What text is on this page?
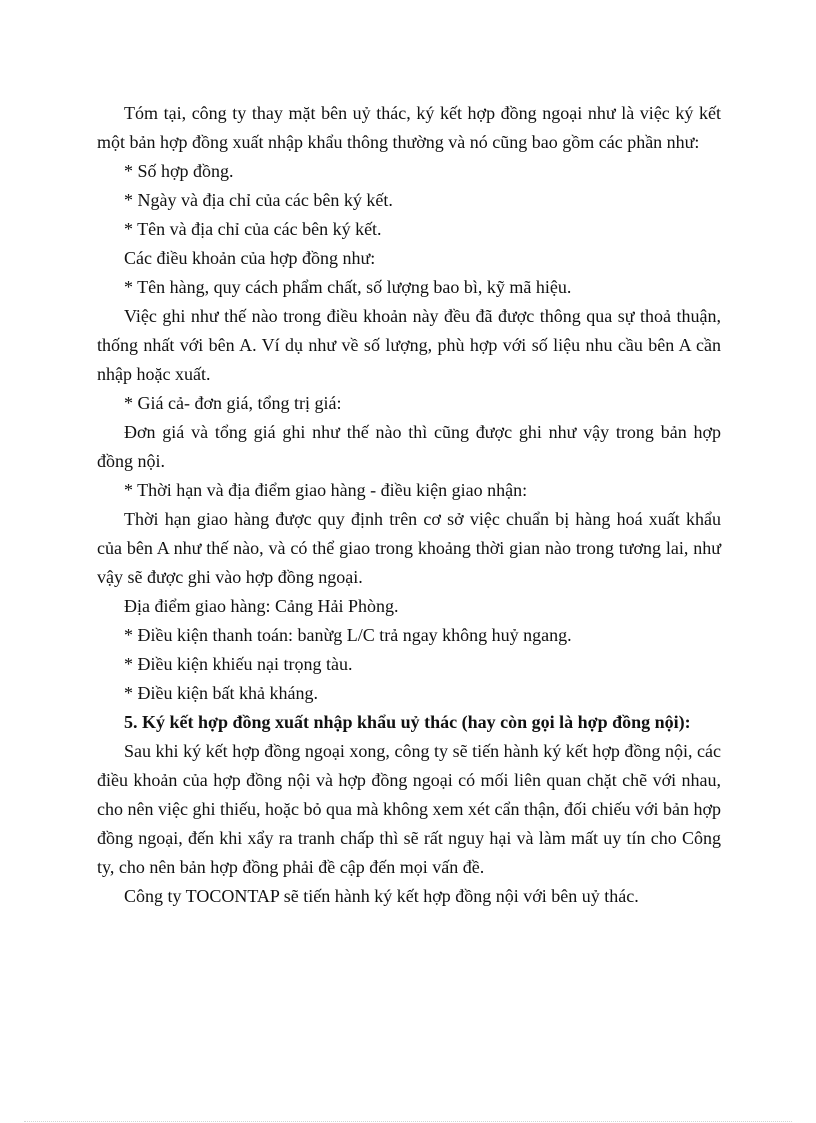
Tóm tại, công ty thay mặt bên uỷ thác, ký kết hợp đồng ngoại như là việc ký kết một bản hợp đồng xuất nhập khẩu thông thường và nó cũng bao gồm các phần như:

* Số hợp đồng.

* Ngày và địa chỉ của các bên ký kết.

* Tên và địa chỉ của các bên ký kết.

Các điều khoản của hợp đồng như:

* Tên hàng, quy cách phẩm chất, số lượng bao bì, kỹ mã hiệu.

Việc ghi như thế nào trong điều khoản này đều đã được thông qua sự thoả thuận, thống nhất với bên A. Ví dụ như về số lượng, phù hợp với số liệu nhu cầu bên A cần nhập hoặc xuất.

* Giá cả- đơn giá, tổng trị giá:

Đơn giá và tổng giá ghi như thế nào thì cũng được ghi như vậy trong bản hợp đồng nội.

* Thời hạn và địa điểm giao hàng - điều kiện giao nhận:

Thời hạn giao hàng được quy định trên cơ sở việc chuẩn bị hàng hoá xuất khẩu của bên A như thế nào, và có thể giao trong khoảng thời gian nào trong tương lai, như vậy sẽ được ghi vào hợp đồng ngoại.

Địa điểm giao hàng: Cảng Hải Phòng.

* Điều kiện thanh toán: banừg L/C trả ngay không huỷ ngang.

* Điều kiện khiếu nại trọng tàu.

* Điều kiện bất khả kháng.

5. Ký kết hợp đồng xuất nhập khẩu uỷ thác (hay còn gọi là hợp đồng nội):

Sau khi ký kết hợp đồng ngoại xong, công ty sẽ tiến hành ký kết hợp đồng nội, các điều khoản của hợp đồng nội và hợp đồng ngoại có mối liên quan chặt chẽ với nhau, cho nên việc ghi thiếu, hoặc bỏ qua mà không xem xét cẩn thận, đối chiếu với bản hợp đồng ngoại, đến khi xẩy ra tranh chấp thì sẽ rất nguy hại và làm mất uy tín cho Công ty, cho nên bản hợp đồng phải đề cập đến mọi vấn đề.

Công ty TOCONTAP sẽ tiến hành ký kết hợp đồng nội với bên uỷ thác.
